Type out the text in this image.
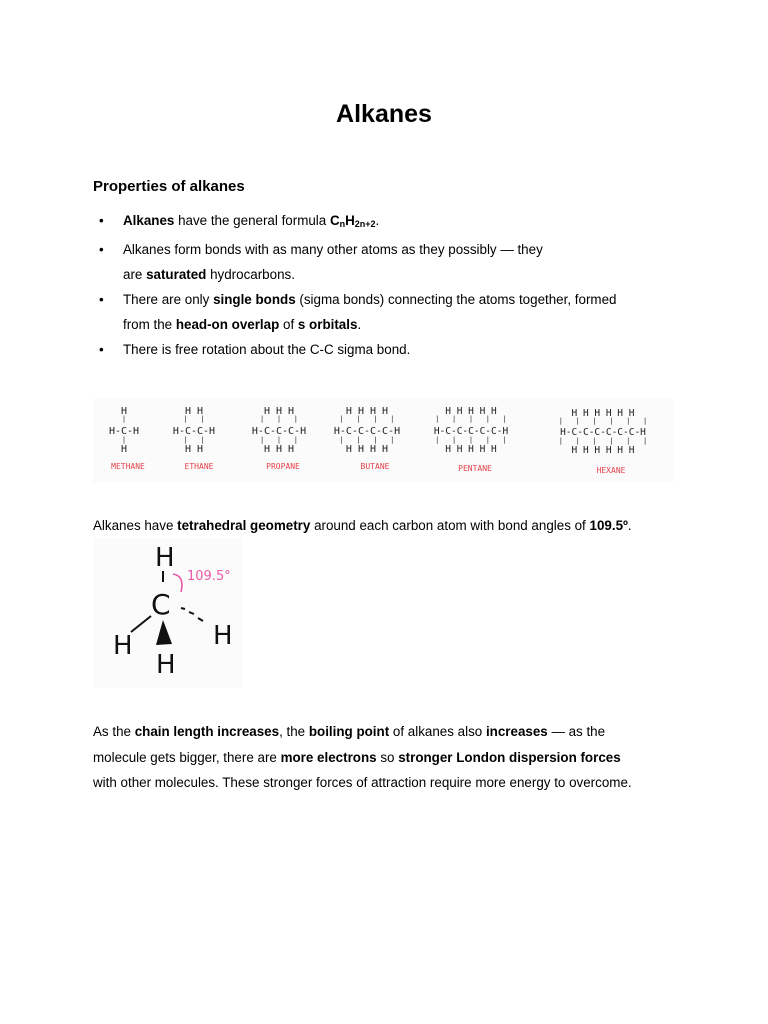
Alkanes
Properties of alkanes
• Alkanes have the general formula $C_nH_{2n+2}$.
• Alkanes form bonds with as many other atoms as they possibly — they
are saturated hydrocarbons.
• There are only single bonds (sigma bonds) connecting the atoms together, formed
from the head-on overlap of s orbitals.
• There is free rotation about the C-C sigma bond.
H
|
H-C-H
|
H
METHANE
H H
|   |
H-C-C-H
|   |
H H
ETHANE
H H H
|   |   |
H-C-C-C-H
|   |   |
H H H
PROPANE
H H H H
|   |   |   |
H-C-C-C-C-H
|   |   |   |
H H H H
BUTANE
H H H H H
|   |   |   |   |
H-C-C-C-C-C-H
|   |   |   |   |
H H H H H
PENTANE
H H H H H H
|   |   |   |   |   |
H-C-C-C-C-C-C-H
|   |   |   |   |   |
H H H H H H
HEXANE

Alkanes have tetrahedral geometry around each carbon atom with bond angles of 109.5º.

H
109.5°
C
H
H
H

As the chain length increases, the boiling point of alkanes also increases — as the
molecule gets bigger, there are more electrons so stronger London dispersion forces
with other molecules. These stronger forces of attraction require more energy to overcome.
